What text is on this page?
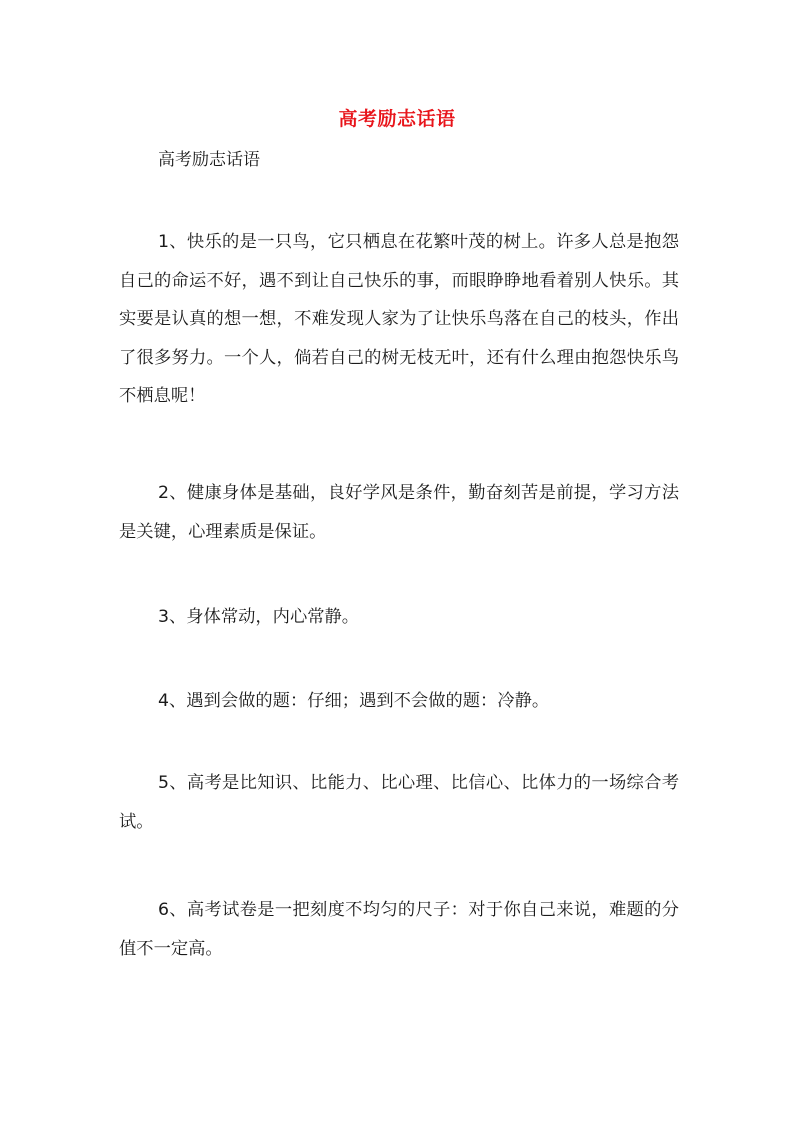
高考励志话语
高考励志话语

1、快乐的是一只鸟，它只栖息在花繁叶茂的树上。许多人总是抱怨自己的命运不好，遇不到让自己快乐的事，而眼睁睁地看着别人快乐。其实要是认真的想一想，不难发现人家为了让快乐鸟落在自己的枝头，作出了很多努力。一个人，倘若自己的树无枝无叶，还有什么理由抱怨快乐鸟不栖息呢！

2、健康身体是基础，良好学风是条件，勤奋刻苦是前提，学习方法是关键，心理素质是保证。

3、身体常动，内心常静。

4、遇到会做的题：仔细；遇到不会做的题：冷静。

5、高考是比知识、比能力、比心理、比信心、比体力的一场综合考试。

6、高考试卷是一把刻度不均匀的尺子：对于你自己来说，难题的分值不一定高。
